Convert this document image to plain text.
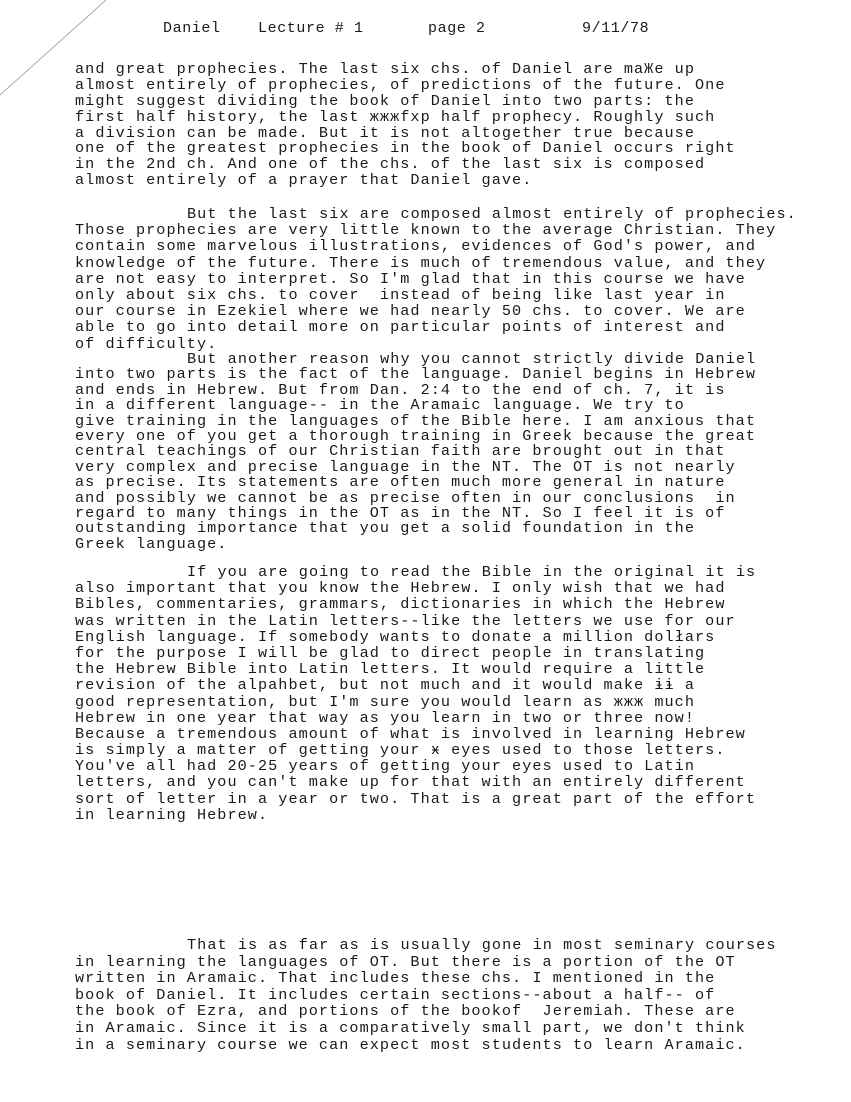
Daniel Lecture # 1	page 2	9/11/78
and great prophecies. The last six chs. of Daniel are maЖe up
almost entirely of prophecies, of predictions of the future. One
might suggest dividing the book of Daniel into two parts: the
first half history, the last жжжfxp half prophecy. Roughly such
a division can be made. But it is not altogether true because
one of the greatest prophecies in the book of Daniel occurs right
in the 2nd ch. And one of the chs. of the last six is composed
almost entirely of a prayer that Daniel gave.
But the last six are composed almost entirely of prophecies.
Those prophecies are very little known to the average Christian. They
contain some marvelous illustrations, evidences of God's power, and
knowledge of the future. There is much of tremendous value, and they
are not easy to interpret. So I'm glad that in this course we have
only about six chs. to cover  instead of being like last year in
our course in Ezekiel where we had nearly 50 chs. to cover. We are
able to go into detail more on particular points of interest and
of difficulty.
But another reason why you cannot strictly divide Daniel
into two parts is the fact of the language. Daniel begins in Hebrew
and ends in Hebrew. But from Dan. 2:4 to the end of ch. 7, it is
in a different language-- in the Aramaic language. We try to
give training in the languages of the Bible here. I am anxious that
every one of you get a thorough training in Greek because the great
central teachings of our Christian faith are brought out in that
very complex and precise language in the NT. The OT is not nearly
as precise. Its statements are often much more general in nature
and possibly we cannot be as precise often in our conclusions  in
regard to many things in the OT as in the NT. So I feel it is of
outstanding importance that you get a solid foundation in the
Greek language.
If you are going to read the Bible in the original it is
also important that you know the Hebrew. I only wish that we had
Bibles, commentaries, grammars, dictionaries in which the Hebrew
was written in the Latin letters--like the letters we use for our
English language. If somebody wants to donate a million dolłars
for the purpose I will be glad to direct people in translating
the Hebrew Bible into Latin letters. It would require a little
revision of the alpahbet, but not much and it would make ɨɨ a
good representation, but I'm sure you would learn as жжж much
Hebrew in one year that way as you learn in two or three now!
Because a tremendous amount of what is involved in learning Hebrew
is simply a matter of getting your ӿ eyes used to those letters.
You've all had 20-25 years of getting your eyes used to Latin
letters, and you can't make up for that with an entirely different
sort of letter in a year or two. That is a great part of the effort
in learning Hebrew.
That is as far as is usually gone in most seminary courses
in learning the languages of OT. But there is a portion of the OT
written in Aramaic. That includes these chs. I mentioned in the
book of Daniel. It includes certain sections--about a half-- of
the book of Ezra, and portions of the bookof  Jeremiah. These are
in Aramaic. Since it is a comparatively small part, we don't think
in a seminary course we can expect most students to learn Aramaic.
